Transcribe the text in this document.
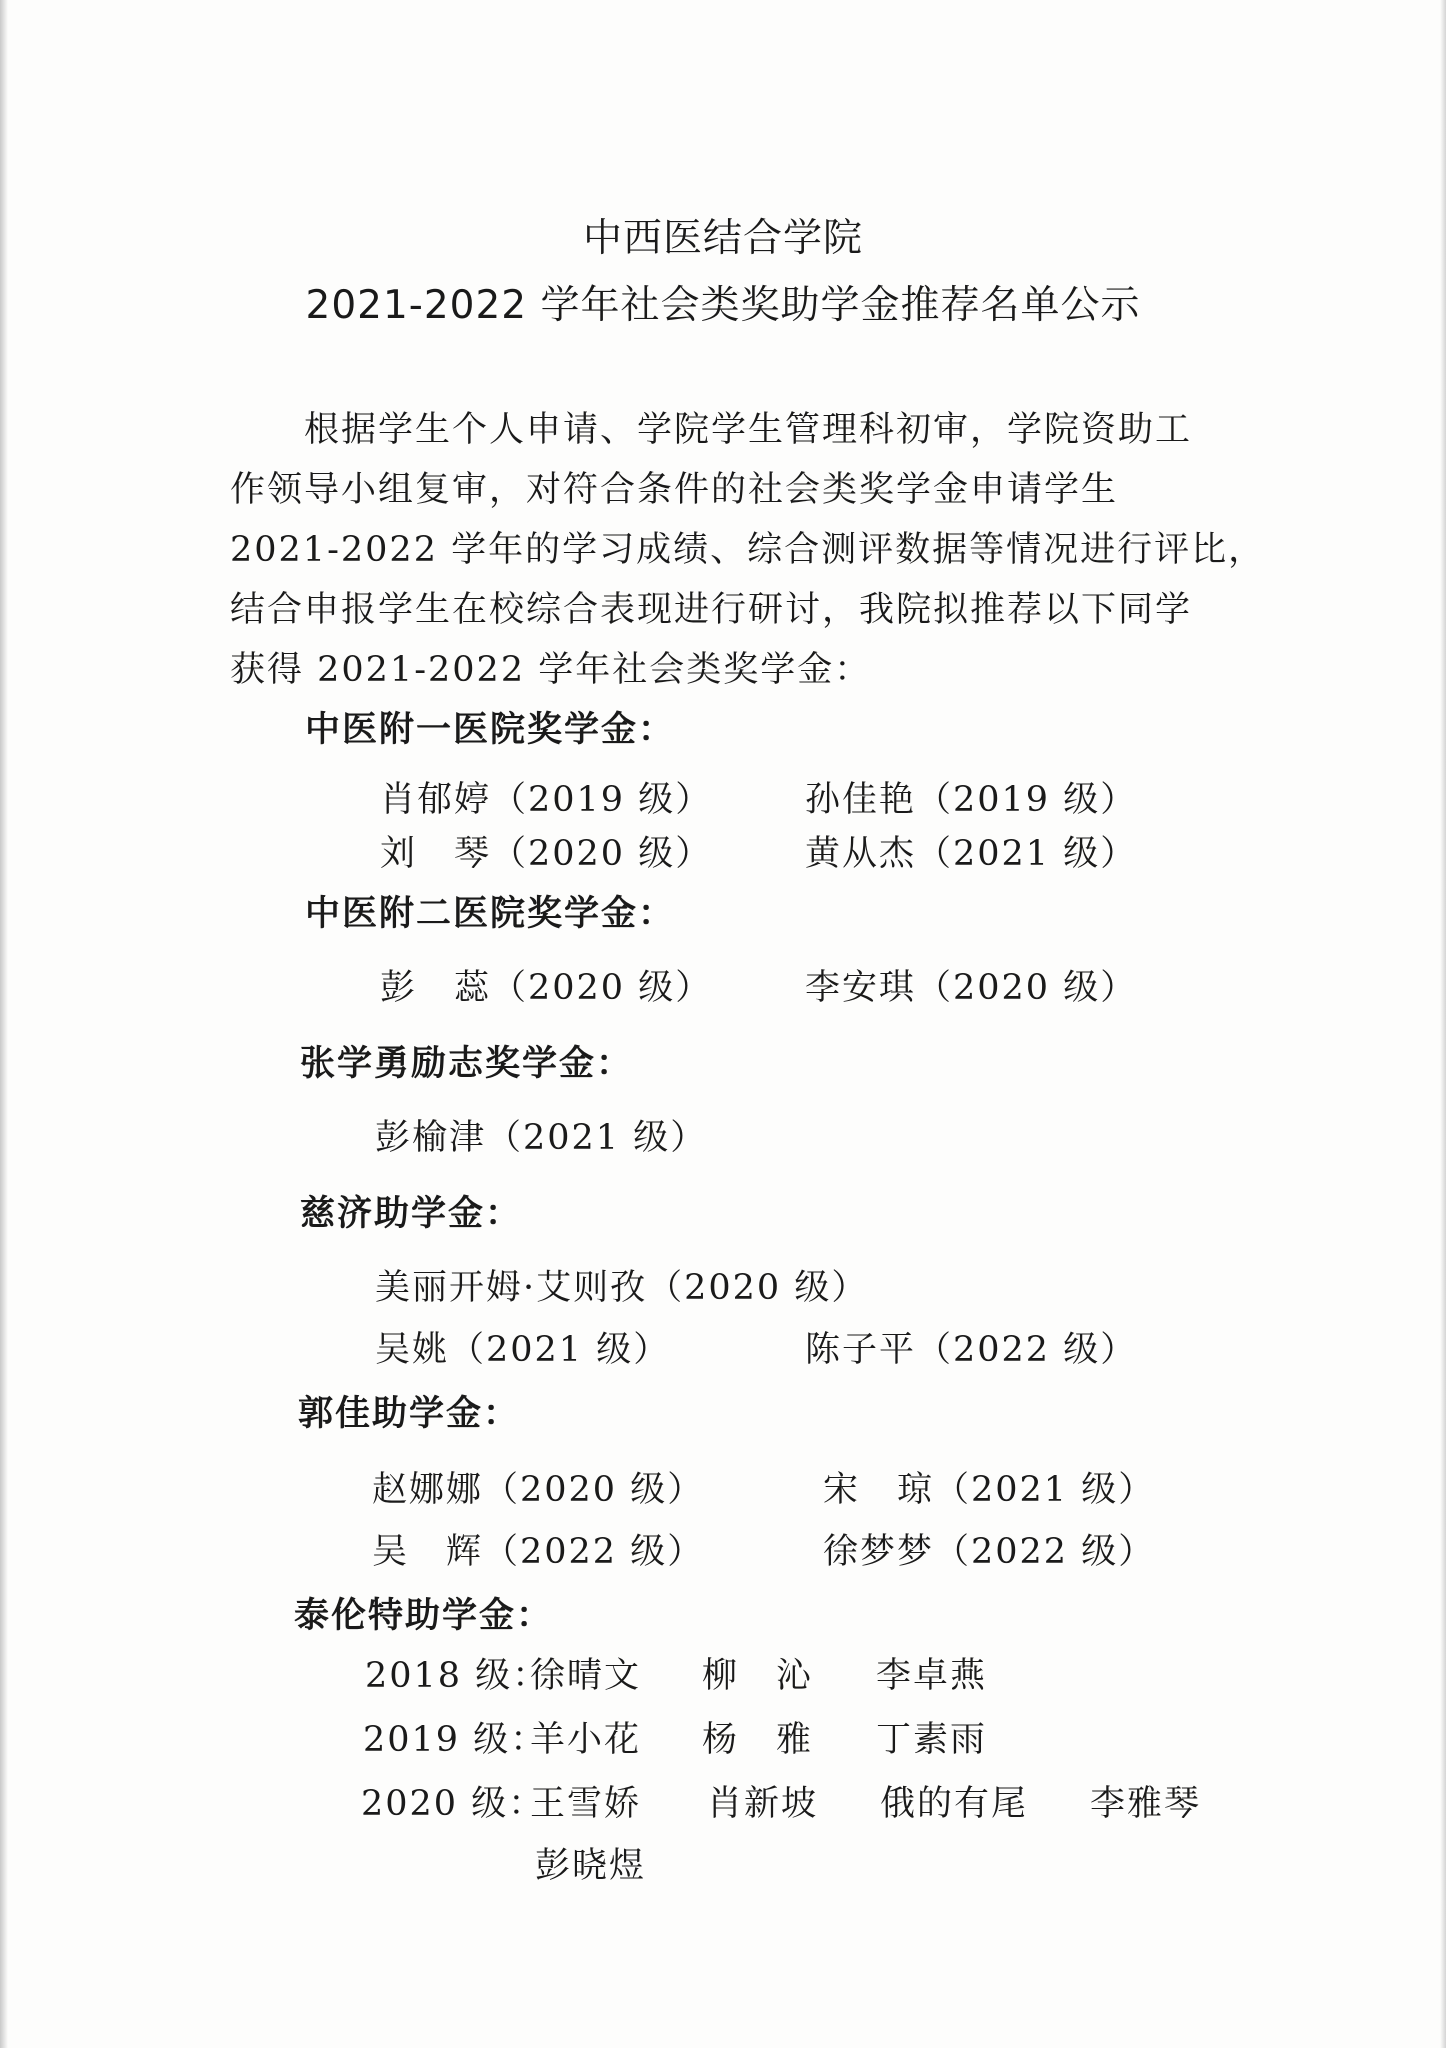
中西医结合学院
2021-2022 学年社会类奖助学金推荐名单公示
　　根据学生个人申请、学院学生管理科初审，学院资助工
作领导小组复审，对符合条件的社会类奖学金申请学生
2021-2022 学年的学习成绩、综合测评数据等情况进行评比，
结合申报学生在校综合表现进行研讨，我院拟推荐以下同学
获得 2021-2022 学年社会类奖学金：
中医附一医院奖学金：
肖郁婷（2019 级）	孙佳艳（2019 级）
刘　琴（2020 级）	黄从杰（2021 级）
中医附二医院奖学金：
彭　蕊（2020 级）	李安琪（2020 级）
张学勇励志奖学金：
彭榆津（2021 级）
慈济助学金：
美丽开姆·艾则孜（2020 级）
吴姚（2021 级）	陈子平（2022 级）
郭佳助学金：
赵娜娜（2020 级）	宋　琼（2021 级）
吴　辉（2022 级）	徐梦梦（2022 级）
泰伦特助学金：
2018 级：
徐晴文 柳　沁 李卓燕
2019 级：
羊小花 杨　雅 丁素雨
2020 级：
王雪娇 肖新坡 俄的有尾 李雅琴
彭晓煜
